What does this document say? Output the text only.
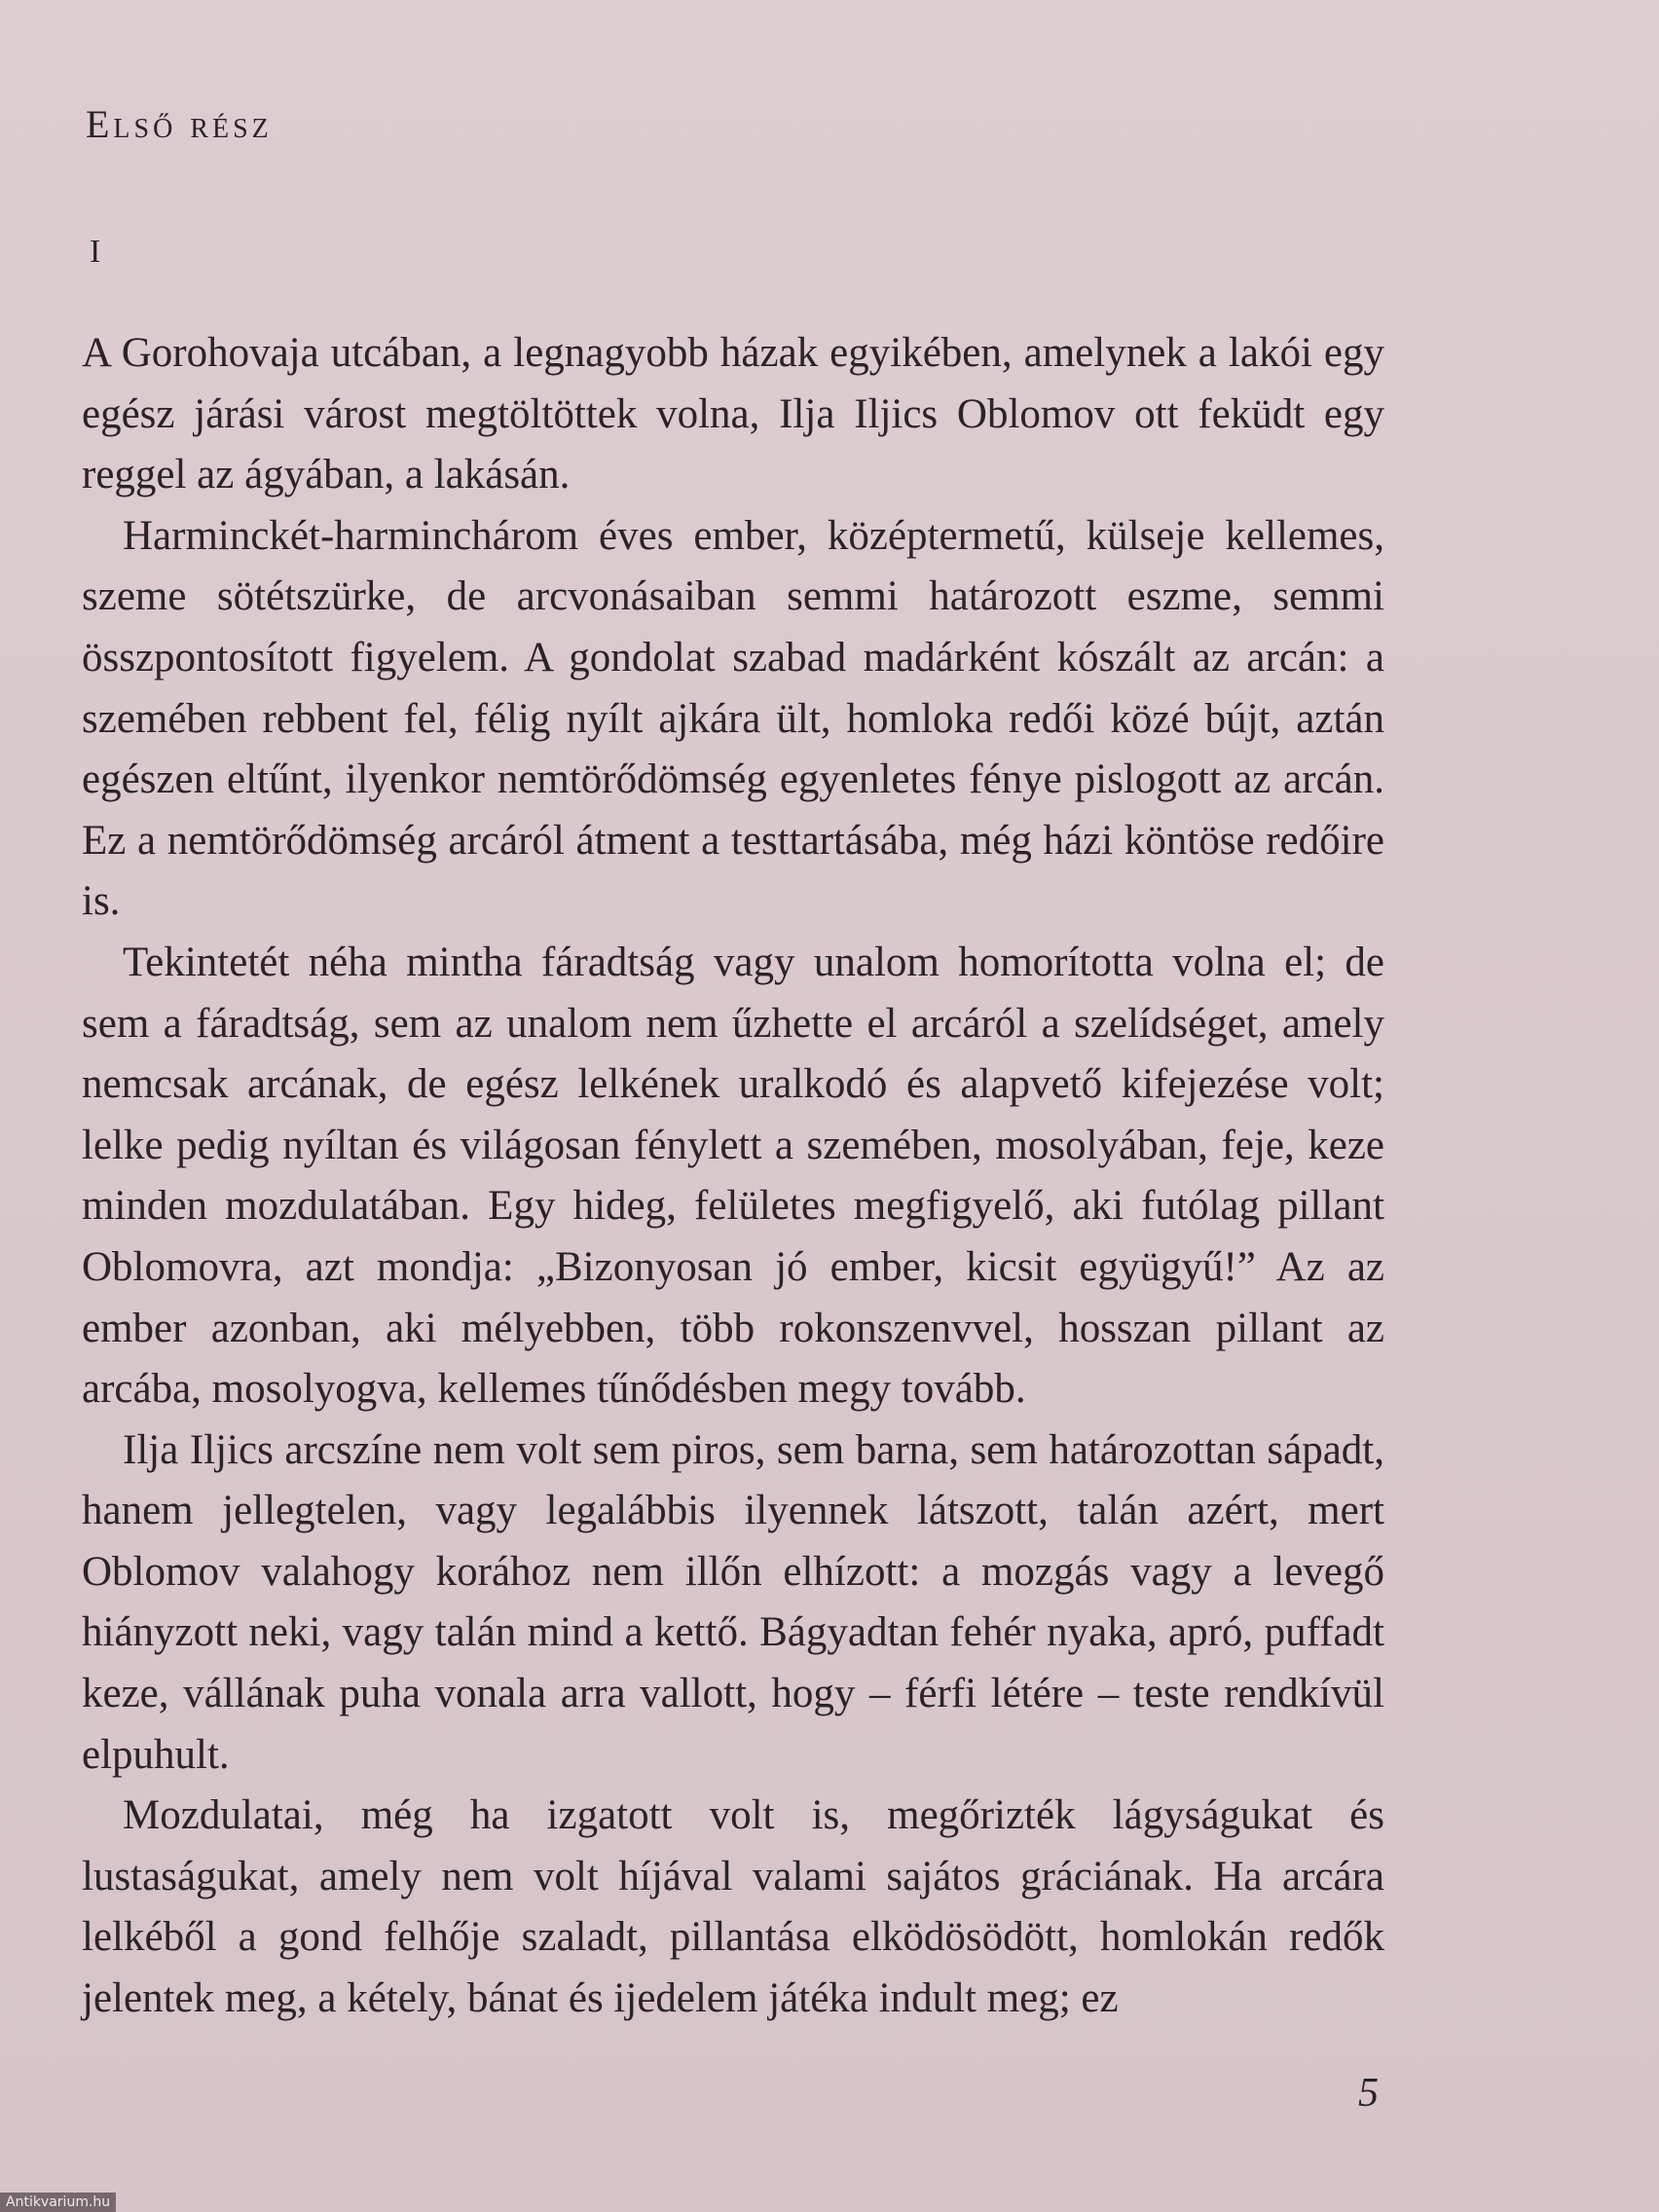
Első rész
I

A Gorohovaja utcában, a legnagyobb házak egyikében, amelynek a lakói egy egész járási várost megtöltöttek volna, Ilja Iljics Oblomov ott feküdt egy reggel az ágyában, a lakásán.

Harminckét-harminchárom éves ember, középtermetű, külseje kellemes, szeme sötétszürke, de arcvonásaiban semmi határozott eszme, semmi összpontosított figyelem. A gondolat szabad madárként kószált az arcán: a szemében rebbent fel, félig nyílt ajkára ült, homloka redői közé bújt, aztán egészen eltűnt, ilyenkor nemtörődömség egyenletes fénye pislogott az arcán. Ez a nemtörődömség arcáról átment a testtartásába, még házi köntöse redőire is.

Tekintetét néha mintha fáradtság vagy unalom homorította volna el; de sem a fáradtság, sem az unalom nem űzhette el arcáról a szelídséget, amely nemcsak arcának, de egész lelkének uralkodó és alapvető kifejezése volt; lelke pedig nyíltan és világosan fénylett a szemében, mosolyában, feje, keze minden mozdulatában. Egy hideg, felületes megfigyelő, aki futólag pillant Oblomovra, azt mondja: „Bizonyosan jó ember, kicsit együgyű!” Az az ember azonban, aki mélyebben, több rokonszenvvel, hosszan pillant az arcába, mosolyogva, kellemes tűnődésben megy tovább.

Ilja Iljics arcszíne nem volt sem piros, sem barna, sem határozottan sápadt, hanem jellegtelen, vagy legalábbis ilyennek látszott, talán azért, mert Oblomov valahogy korához nem illőn elhízott: a mozgás vagy a levegő hiányzott neki, vagy talán mind a kettő. Bágyadtan fehér nyaka, apró, puffadt keze, vállának puha vonala arra vallott, hogy – férfi létére – teste rendkívül elpuhult.

Mozdulatai, még ha izgatott volt is, megőrizték lágyságukat és lustaságukat, amely nem volt híjával valami sajátos gráciának. Ha arcára lelkéből a gond felhője szaladt, pillantása elködösödött, homlokán redők jelentek meg, a kétely, bánat és ijedelem játéka indult meg; ez

5
Antikvarium.hu
